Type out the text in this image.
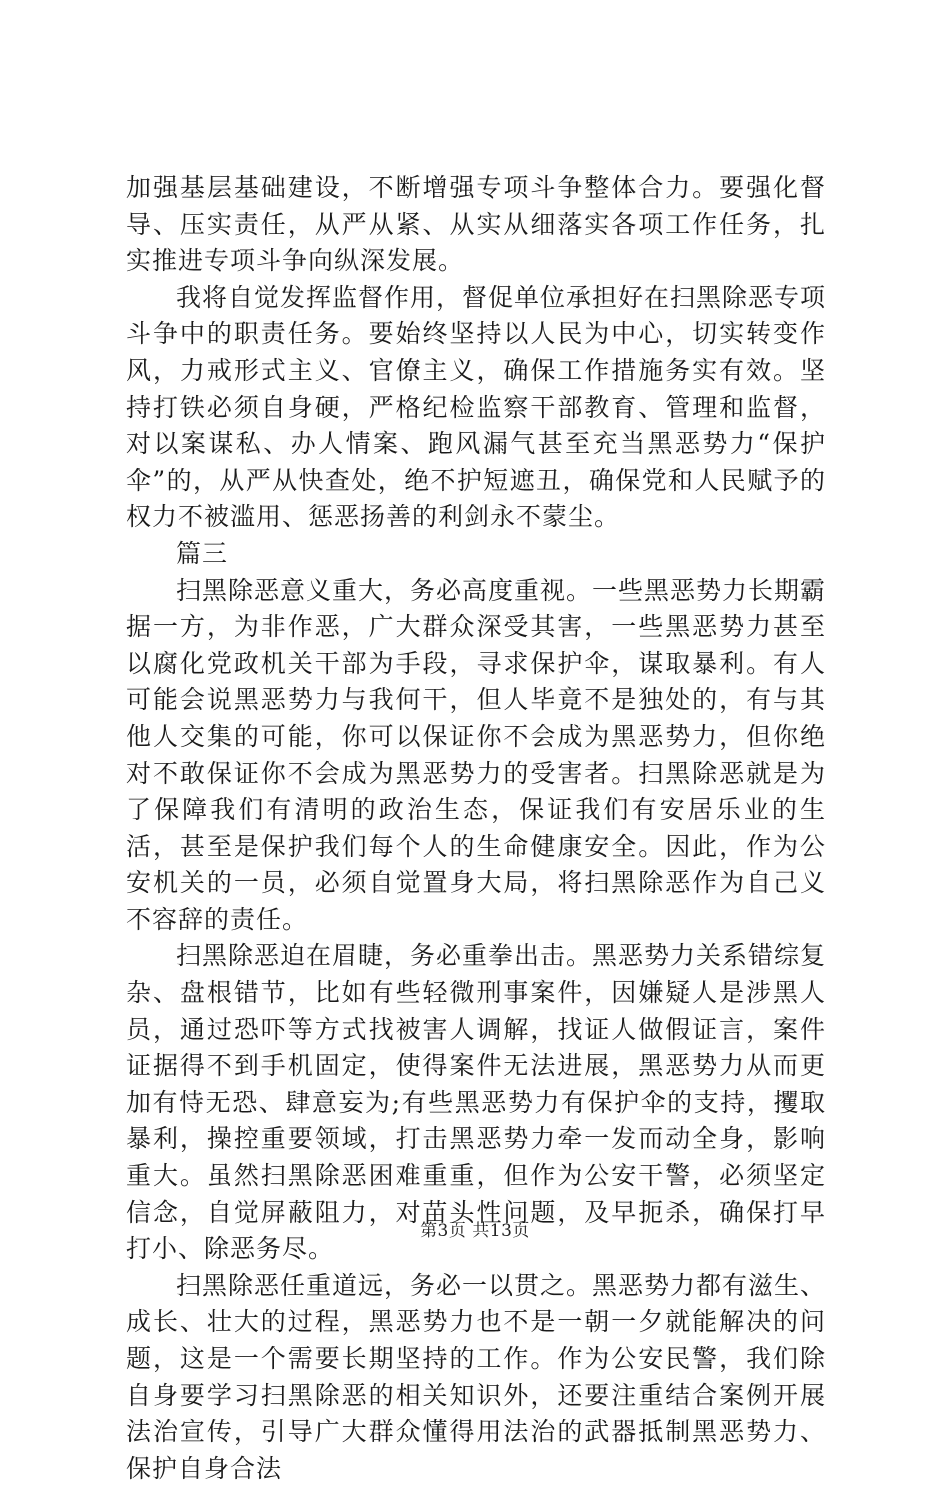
加强基层基础建设，不断增强专项斗争整体合力。要强化督导、压实责任，从严从紧、从实从细落实各项工作任务，扎实推进专项斗争向纵深发展。

我将自觉发挥监督作用，督促单位承担好在扫黑除恶专项斗争中的职责任务。要始终坚持以人民为中心，切实转变作风，力戒形式主义、官僚主义，确保工作措施务实有效。坚持打铁必须自身硬，严格纪检监察干部教育、管理和监督，对以案谋私、办人情案、跑风漏气甚至充当黑恶势力“保护伞”的，从严从快查处，绝不护短遮丑，确保党和人民赋予的权力不被滥用、惩恶扬善的利剑永不蒙尘。

篇三

扫黑除恶意义重大，务必高度重视。一些黑恶势力长期霸据一方，为非作恶，广大群众深受其害，一些黑恶势力甚至以腐化党政机关干部为手段，寻求保护伞，谋取暴利。有人可能会说黑恶势力与我何干，但人毕竟不是独处的，有与其他人交集的可能，你可以保证你不会成为黑恶势力，但你绝对不敢保证你不会成为黑恶势力的受害者。扫黑除恶就是为了保障我们有清明的政治生态，保证我们有安居乐业的生活，甚至是保护我们每个人的生命健康安全。因此，作为公安机关的一员，必须自觉置身大局，将扫黑除恶作为自己义不容辞的责任。

扫黑除恶迫在眉睫，务必重拳出击。黑恶势力关系错综复杂、盘根错节，比如有些轻微刑事案件，因嫌疑人是涉黑人员，通过恐吓等方式找被害人调解，找证人做假证言，案件证据得不到手机固定，使得案件无法进展，黑恶势力从而更加有恃无恐、肆意妄为;有些黑恶势力有保护伞的支持，攫取暴利，操控重要领域，打击黑恶势力牵一发而动全身，影响重大。虽然扫黑除恶困难重重，但作为公安干警，必须坚定信念，自觉屏蔽阻力，对苗头性问题，及早扼杀，确保打早打小、除恶务尽。

扫黑除恶任重道远，务必一以贯之。黑恶势力都有滋生、成长、壮大的过程，黑恶势力也不是一朝一夕就能解决的问题，这是一个需要长期坚持的工作。作为公安民警，我们除自身要学习扫黑除恶的相关知识外，还要注重结合案例开展法治宣传，引导广大群众懂得用法治的武器抵制黑恶势力、保护自身合法

第3页 共13页
